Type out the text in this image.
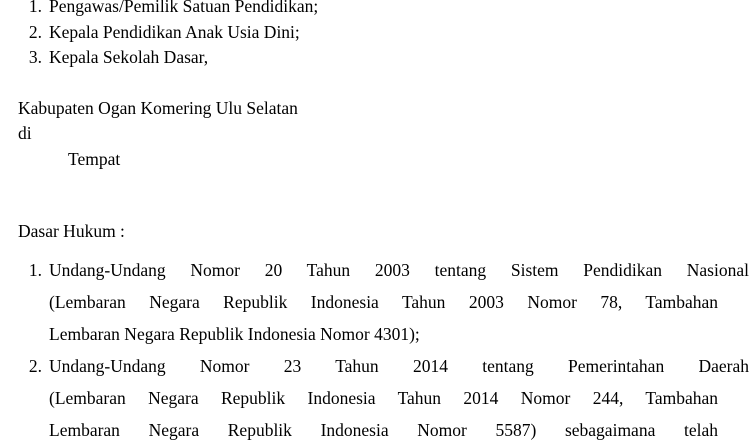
1. Pengawas/Pemilik Satuan Pendidikan;
2. Kepala Pendidikan Anak Usia Dini;
3. Kepala Sekolah Dasar,
Kabupaten Ogan Komering Ulu Selatan
di
Tempat
Dasar Hukum :
1. Undang-Undang Nomor 20 Tahun 2003 tentang Sistem Pendidikan Nasional

(Lembaran Negara Republik Indonesia Tahun 2003 Nomor 78, Tambahan
Lembaran Negara Republik Indonesia Nomor 4301);
2. Undang-Undang Nomor 23 Tahun 2014 tentang Pemerintahan Daerah

(Lembaran Negara Republik Indonesia Tahun 2014 Nomor 244, Tambahan
Lembaran Negara Republik Indonesia Nomor 5587) sebagaimana telah
